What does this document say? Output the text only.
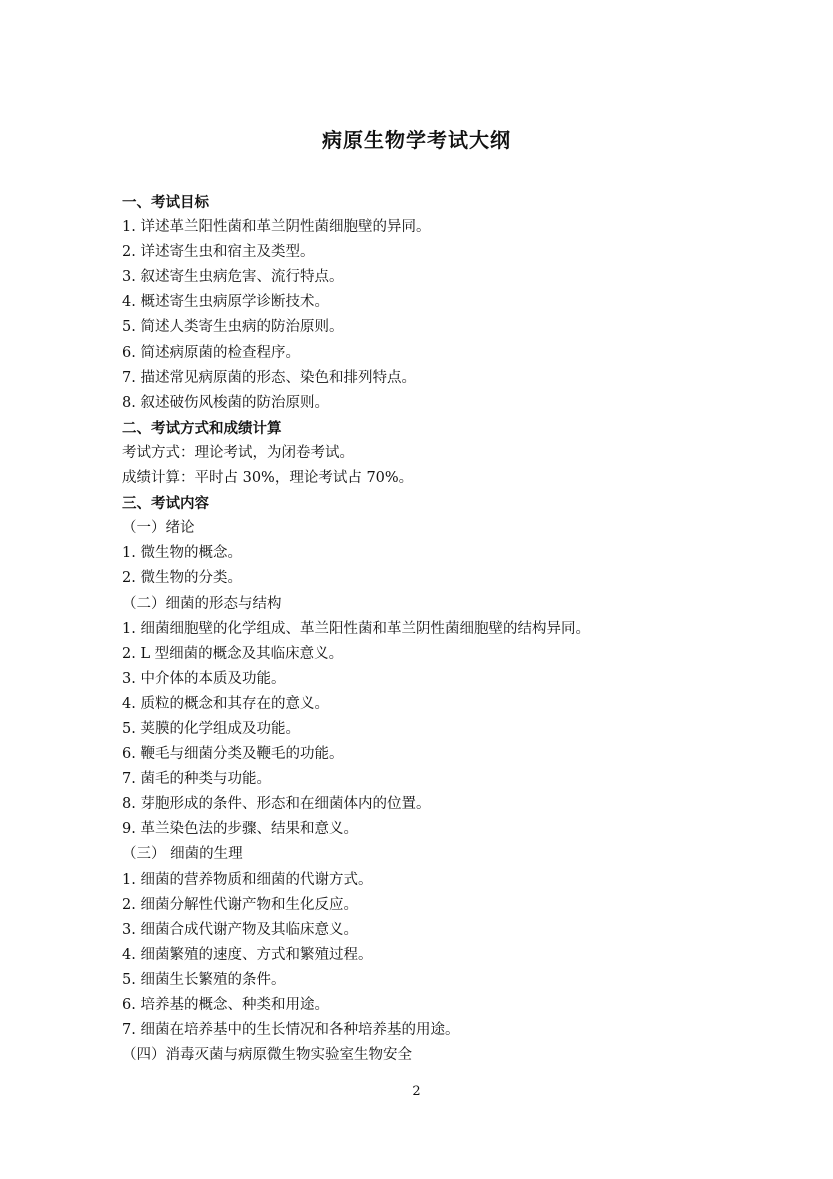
病原生物学考试大纲
一、考试目标
1. 详述革兰阳性菌和革兰阴性菌细胞壁的异同。
2. 详述寄生虫和宿主及类型。
3. 叙述寄生虫病危害、流行特点。
4. 概述寄生虫病原学诊断技术。
5. 简述人类寄生虫病的防治原则。
6. 简述病原菌的检查程序。
7. 描述常见病原菌的形态、染色和排列特点。
8. 叙述破伤风梭菌的防治原则。
二、考试方式和成绩计算
考试方式：理论考试，为闭卷考试。
成绩计算：平时占 30%，理论考试占 70%。
三、考试内容
（一）绪论
1. 微生物的概念。
2. 微生物的分类。
（二）细菌的形态与结构
1. 细菌细胞壁的化学组成、革兰阳性菌和革兰阴性菌细胞壁的结构异同。
2. L 型细菌的概念及其临床意义。
3. 中介体的本质及功能。
4. 质粒的概念和其存在的意义。
5. 荚膜的化学组成及功能。
6. 鞭毛与细菌分类及鞭毛的功能。
7. 菌毛的种类与功能。
8. 芽胞形成的条件、形态和在细菌体内的位置。
9. 革兰染色法的步骤、结果和意义。
（三） 细菌的生理
1. 细菌的营养物质和细菌的代谢方式。
2. 细菌分解性代谢产物和生化反应。
3. 细菌合成代谢产物及其临床意义。
4. 细菌繁殖的速度、方式和繁殖过程。
5. 细菌生长繁殖的条件。
6. 培养基的概念、种类和用途。
7. 细菌在培养基中的生长情况和各种培养基的用途。
（四）消毒灭菌与病原微生物实验室生物安全
2
